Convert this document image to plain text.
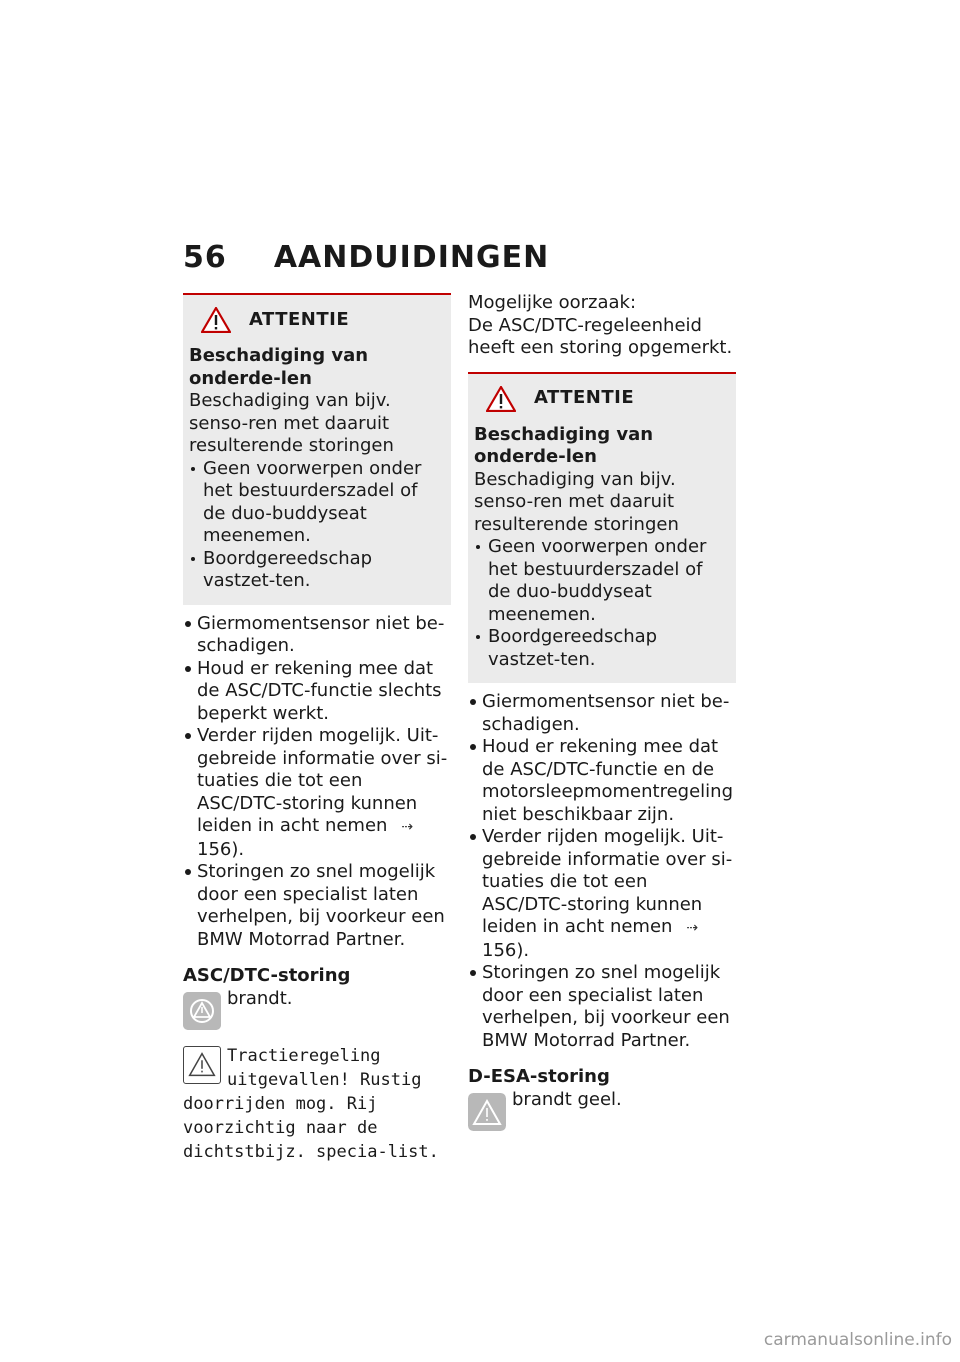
56 AANDUIDINGEN
ATTENTIE

Beschadiging van onderde-len

Beschadiging van bijv. senso-ren met daaruit resulterende storingen

Geen voorwerpen onder het bestuurderszadel of de duo-buddyseat meenemen.
Boordgereedschap vastzet-ten.
Giermomentsensor niet be-schadigen.
Houd er rekening mee dat de ASC/DTC-functie slechts beperkt werkt.
Verder rijden mogelijk. Uit-gebreide informatie over si-tuaties die tot een ASC/DTC-storing kunnen leiden in acht nemen ⇢156).
Storingen zo snel mogelijk door een specialist laten verhelpen, bij voorkeur een BMW Motorrad Partner.

ASC/DTC-storing

brandt.
Tractieregeling uitgevallen! Rustig doorrijden mog. Rij voorzichtig naar de dichtstbijz. specia-list.

Mogelijke oorzaak:

De ASC/DTC-regeleenheid heeft een storing opgemerkt.

ATTENTIE

Beschadiging van onderde-len

Beschadiging van bijv. senso-ren met daaruit resulterende storingen

Geen voorwerpen onder het bestuurderszadel of de duo-buddyseat meenemen.
Boordgereedschap vastzet-ten.
Giermomentsensor niet be-schadigen.
Houd er rekening mee dat de ASC/DTC-functie en de motorsleepmomentregeling niet beschikbaar zijn.
Verder rijden mogelijk. Uit-gebreide informatie over si-tuaties die tot een ASC/DTC-storing kunnen leiden in acht nemen ⇢156).
Storingen zo snel mogelijk door een specialist laten verhelpen, bij voorkeur een BMW Motorrad Partner.

D-ESA-storing

brandt geel.
carmanualsonline.info
